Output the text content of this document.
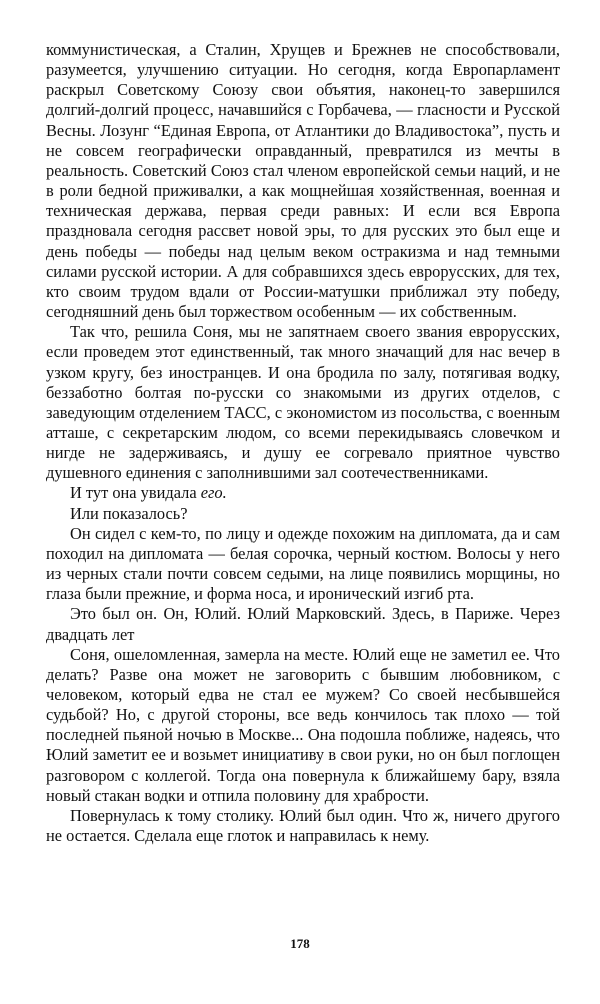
коммунистическая, а Сталин, Хрущев и Брежнев не способствовали, разумеется, улучшению ситуации. Но сегодня, когда Европарламент раскрыл Советскому Союзу свои объятия, наконец-то завершился долгий-долгий процесс, начавшийся с Горбачева, — гласности и Русской Весны. Лозунг “Единая Европа, от Атлантики до Владивостока”, пусть и не совсем географически оправданный, превратился из мечты в реальность. Советский Союз стал членом европейской семьи наций, и не в роли бедной приживалки, а как мощнейшая хозяйственная, военная и техническая держава, первая среди равных: И если вся Европа праздновала сегодня рассвет новой эры, то для русских это был еще и день победы — победы над целым веком остракизма и над темными силами русской истории. А для собравшихся здесь еврорусских, для тех, кто своим трудом вдали от России-матушки приближал эту победу, сегодняшний день был торжеством особенным — их собственным.

Так что, решила Соня, мы не запятнаем своего звания еврорусских, если проведем этот единственный, так много значащий для нас вечер в узком кругу, без иностранцев. И она бродила по залу, потягивая водку, беззаботно болтая по-русски со знакомыми из других отделов, с заведующим отделением ТАСС, с экономистом из посольства, с военным атташе, с секретарским людом, со всеми перекидываясь словечком и нигде не задерживаясь, и душу ее согревало приятное чувство душевного единения с заполнившими зал соотечественниками.

И тут она увидала его.

Или показалось?

Он сидел с кем-то, по лицу и одежде похожим на дипломата, да и сам походил на дипломата — белая сорочка, черный костюм. Волосы у него из черных стали почти совсем седыми, на лице появились морщины, но глаза были прежние, и форма носа, и иронический изгиб рта.

Это был он. Он, Юлий. Юлий Марковский. Здесь, в Париже. Через двадцать лет

Соня, ошеломленная, замерла на месте. Юлий еще не заметил ее. Что делать? Разве она может не заговорить с бывшим любовником, с человеком, который едва не стал ее мужем? Со своей несбывшейся судьбой? Но, с другой стороны, все ведь кончилось так плохо — той последней пьяной ночью в Москве... Она подошла поближе, надеясь, что Юлий заметит ее и возьмет инициативу в свои руки, но он был поглощен разговором с коллегой. Тогда она повернула к ближайшему бару, взяла новый стакан водки и отпила половину для храбрости.

Повернулась к тому столику. Юлий был один. Что ж, ничего другого не остается. Сделала еще глоток и направилась к нему.

178
